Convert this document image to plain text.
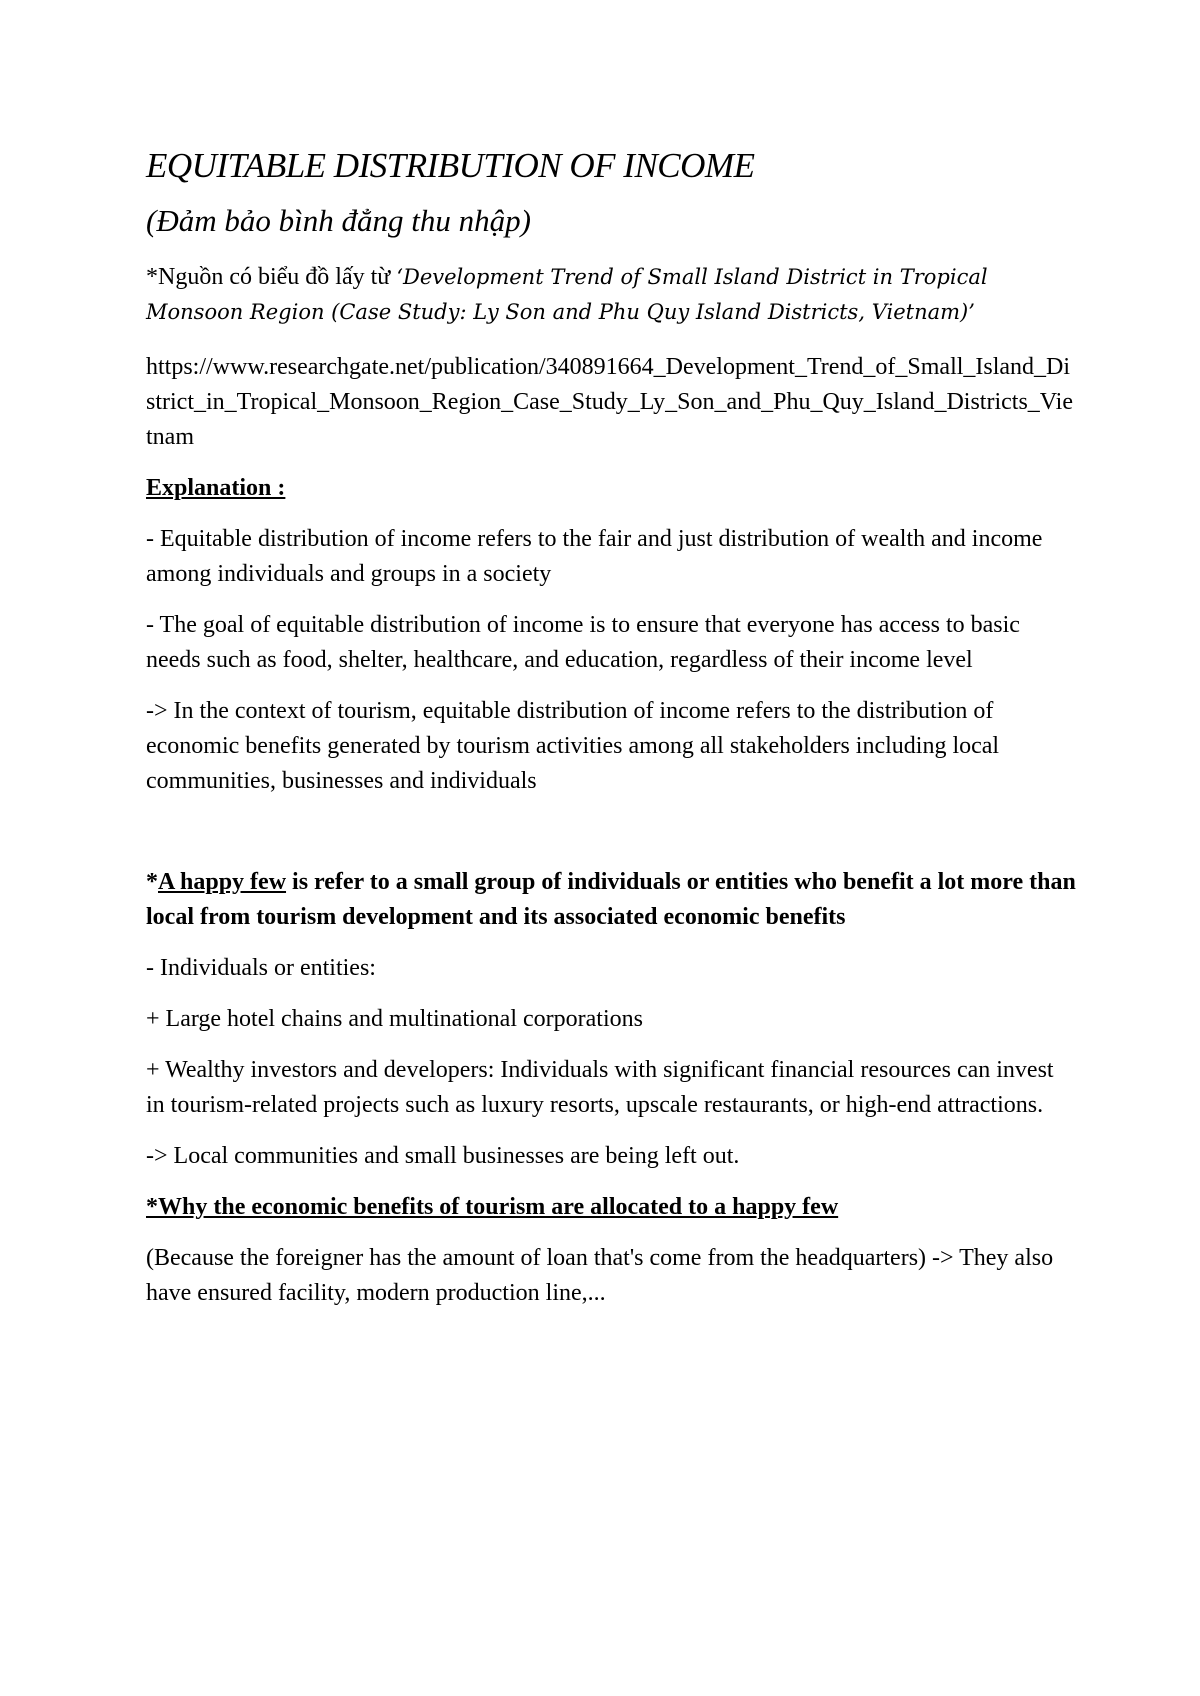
EQUITABLE DISTRIBUTION OF INCOME
(Đảm bảo bình đẳng thu nhập)

*Nguồn có biểu đồ lấy từ ‘Development Trend of Small Island District in Tropical Monsoon Region (Case Study: Ly Son and Phu Quy Island Districts, Vietnam)’

https://www.researchgate.net/publication/340891664_Development_Trend_of_Small_Island_District_in_Tropical_Monsoon_Region_Case_Study_Ly_Son_and_Phu_Quy_Island_Districts_Vietnam

Explanation :

- Equitable distribution of income refers to the fair and just distribution of wealth and income among individuals and groups in a society

- The goal of equitable distribution of income is to ensure that everyone has access to basic needs such as food, shelter, healthcare, and education, regardless of their income level

-> In the context of tourism, equitable distribution of income refers to the distribution of economic benefits generated by tourism activities among all stakeholders including local communities, businesses and individuals

*A happy few is refer to a small group of individuals or entities who benefit a lot more than local from tourism development and its associated economic benefits

- Individuals or entities:

+ Large hotel chains and multinational corporations

+ Wealthy investors and developers: Individuals with significant financial resources can invest in tourism-related projects such as luxury resorts, upscale restaurants, or high-end attractions.

-> Local communities and small businesses are being left out.

*Why the economic benefits of tourism are allocated to a happy few

(Because the foreigner has the amount of loan that's come from the headquarters) -> They also have ensured facility, modern production line,...
